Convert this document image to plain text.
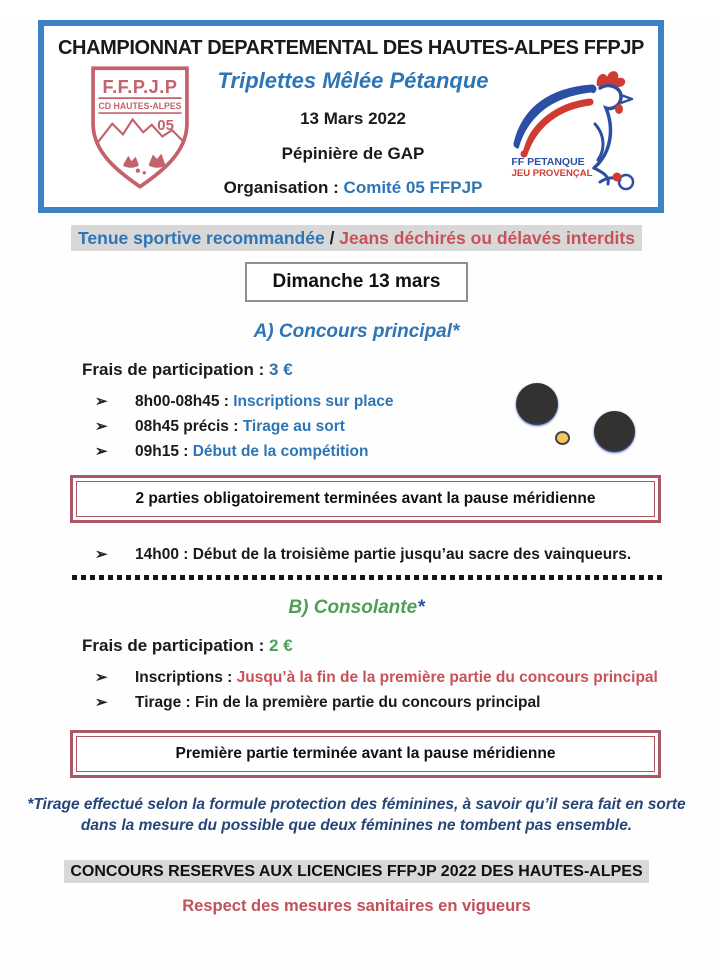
CHAMPIONNAT DEPARTEMENTAL DES HAUTES-ALPES FFPJP
F.F.P.J.P
CD HAUTES-ALPES
05
Triplettes Mêlée Pétanque
13 Mars 2022
Pépinière de GAP
Organisation : Comité 05 FFPJP
FF PETANQUE
JEU PROVENÇAL
Tenue sportive recommandée / Jeans déchirés ou délavés interdits
Dimanche 13 mars
A) Concours principal*
Frais de participation : 3 €
➢ 8h00-08h45 : Inscriptions sur place
➢ 08h45 précis : Tirage au sort
➢ 09h15 : Début de la compétition
2 parties obligatoirement terminées avant la pause méridienne
➢ 14h00 : Début de la troisième partie jusqu’au sacre des vainqueurs.
B) Consolante*
Frais de participation : 2 €
➢ Inscriptions : Jusqu’à la fin de la première partie du concours principal
➢ Tirage : Fin de la première partie du concours principal
Première partie terminée avant la pause méridienne
*Tirage effectué selon la formule protection des féminines, à savoir qu’il sera fait en sorte
dans la mesure du possible que deux féminines ne tombent pas ensemble.
CONCOURS RESERVES AUX LICENCIES FFPJP 2022 DES HAUTES-ALPES
Respect des mesures sanitaires en vigueurs
